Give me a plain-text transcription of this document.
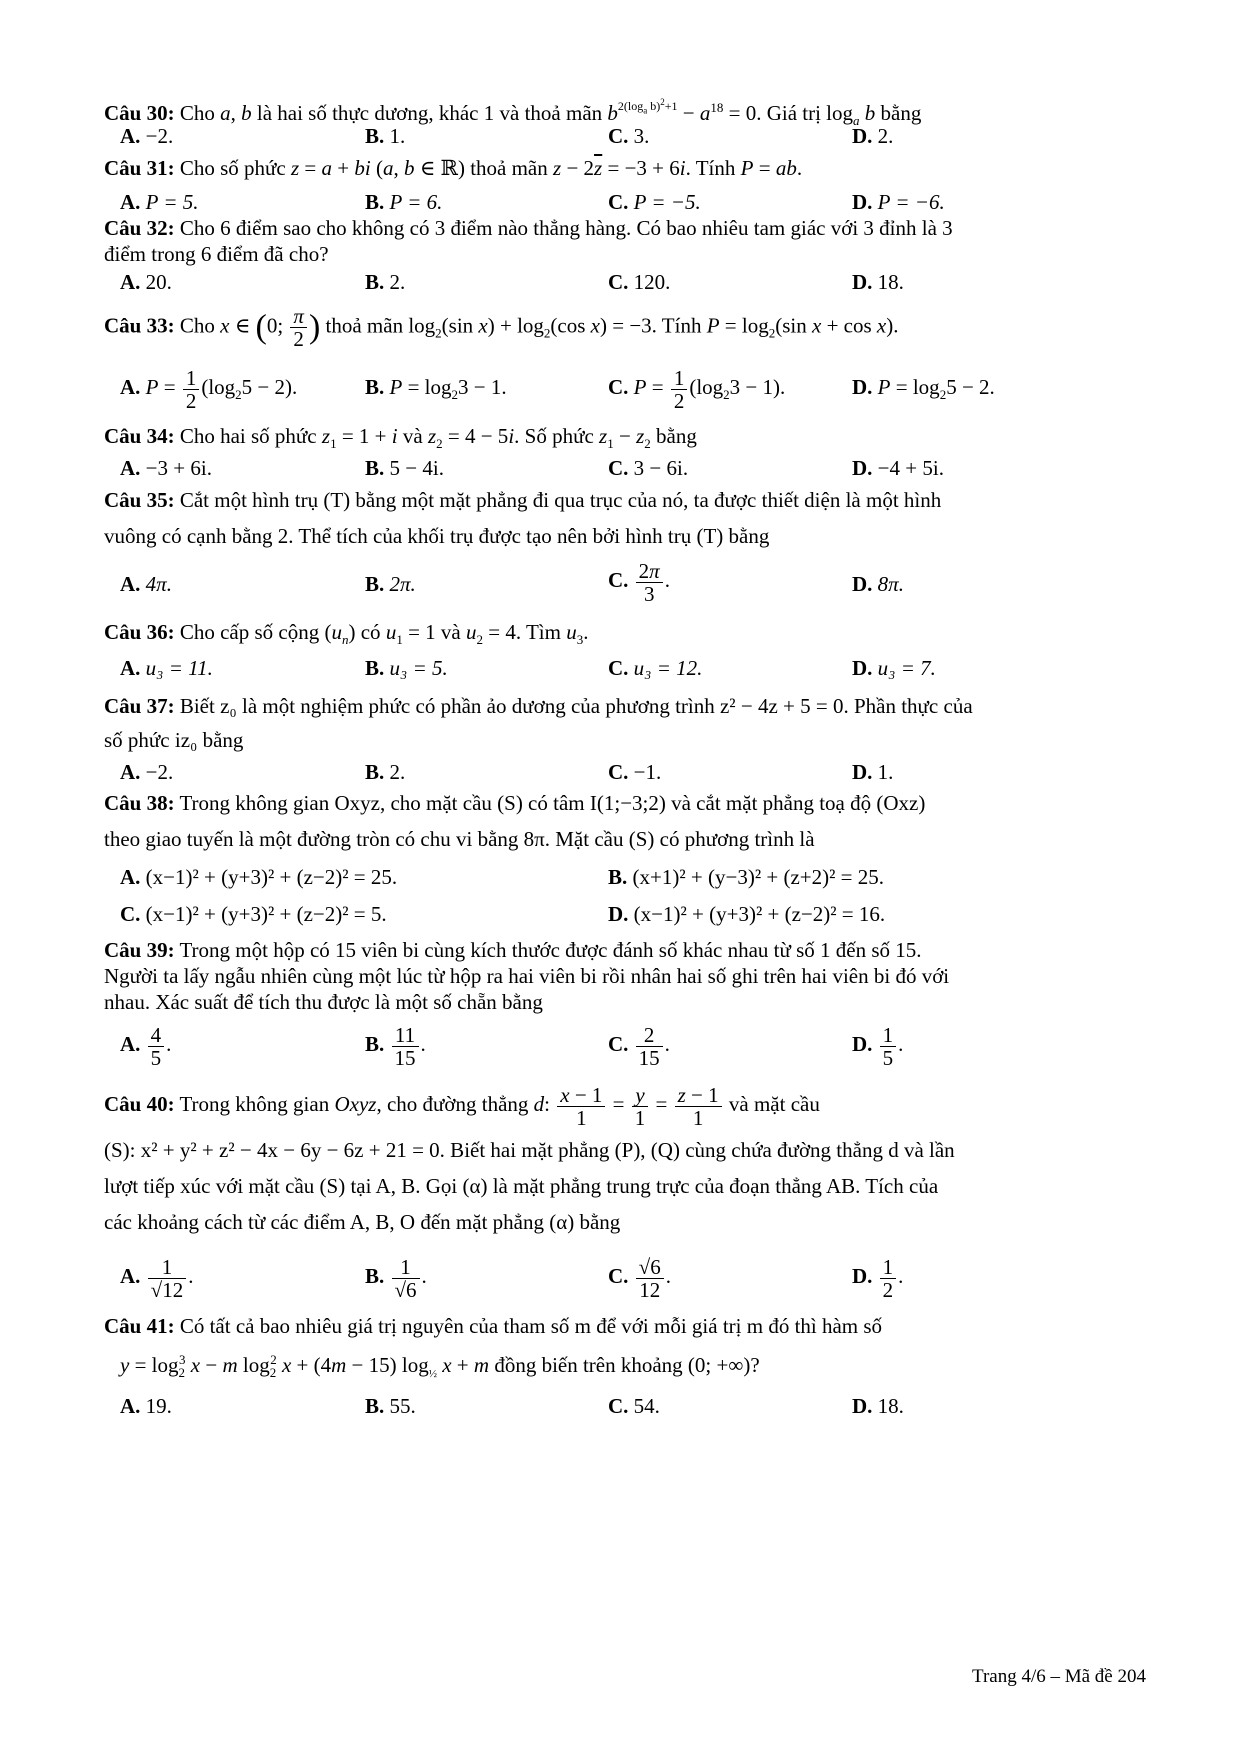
Câu 30: Cho a, b là hai số thực dương, khác 1 và thoả mãn $b^{2(log_a b)^2+1} - a^{18} = 0$. Giá trị $\log_a b$ bằng
A. −2.	B. 1.	C. 3.	D. 2.
Câu 31: Cho số phức z = a + bi (a, b ∈ ℝ) thoả mãn $z - 2\overline{z} = -3 + 6i$. Tính P = ab.
A. P = 5.	B. P = 6.	C. P = −5.	D. P = −6.
Câu 32: Cho 6 điểm sao cho không có 3 điểm nào thẳng hàng. Có bao nhiêu tam giác với 3 đỉnh là 3
điểm trong 6 điểm đã cho?
A. 20.	B. 2.	C. 120.	D. 18.
Câu 33: Cho x ∈ (0; $\frac{\pi}{2}$ ) thoả mãn $\log_2(\sin$ $x) + \log_2(\cos$ x) = −3. Tính $P = \log_2(\sin$ x + cos x).
A. $P = \frac{1}{2} (\log_25 - 2)$.	B. $P = \log_23 - 1$.	C. $P = \frac{1}{2} (\log_23 - 1)$.	D. $P = \log_25 - 2$.
Câu 34: Cho hai số phức $z_1 = 1 + i$ và $z_2 = 4 - 5i$. Số phức $z_1 - z_2$ bằng
A. −3 + 6i.	B. 5 − 4i.	C. 3 − 6i.	D. −4 + 5i.
Câu 35: Cắt một hình trụ (T) bằng một mặt phẳng đi qua trục của nó, ta được thiết diện là một hình
vuông có cạnh bằng 2. Thể tích của khối trụ được tạo nên bởi hình trụ (T) bằng
A. 4π.	B. 2π.	C. $\frac{2\pi}{3}$ .	D. 8π.
Câu 36: Cho cấp số cộng $(u_n)$ có $u_1 = 1$ và $u_2 = 4$. Tìm $u_3$.
A. u₃ = 11.	B. u₃ = 5.	C. u₃ = 12.	D. u₃ = 7.
Câu 37: Biết z₀ là một nghiệm phức có phần ảo dương của phương trình z² − 4z + 5 = 0. Phần thực của
số phức iz₀ bằng
A. −2.	B. 2.	C. −1.	D. 1.
Câu 38: Trong không gian Oxyz, cho mặt cầu (S) có tâm I(1;−3;2) và cắt mặt phẳng toạ độ (Oxz)
theo giao tuyến là một đường tròn có chu vi bằng 8π. Mặt cầu (S) có phương trình là
A. (x−1)² + (y+3)² + (z−2)² = 25.	B. (x+1)² + (y−3)² + (z+2)² = 25.
C. (x−1)² + (y+3)² + (z−2)² = 5.	D. (x−1)² + (y+3)² + (z−2)² = 16.
Câu 39: Trong một hộp có 15 viên bi cùng kích thước được đánh số khác nhau từ số 1 đến số 15.
Người ta lấy ngẫu nhiên cùng một lúc từ hộp ra hai viên bi rồi nhân hai số ghi trên hai viên bi đó với
nhau. Xác suất để tích thu được là một số chẵn bằng
A. $\frac{4}{5}$ .	B. $\frac{11}{15}$ .	C. $\frac{2}{15}$ .	D. $\frac{1}{5}$ .
Câu 40: Trong không gian Oxyz, cho đường thẳng d: $\frac{x - 1}{1} = \frac{y}{1} = \frac{z - 1}{1}$ và mặt cầu
(S): x² + y² + z² − 4x − 6y − 6z + 21 = 0. Biết hai mặt phẳng (P), (Q) cùng chứa đường thẳng d và lần
lượt tiếp xúc với mặt cầu (S) tại A, B. Gọi (α) là mặt phẳng trung trực của đoạn thẳng AB. Tích của
các khoảng cách từ các điểm A, B, O đến mặt phẳng (α) bằng
A. $\frac{1}{√12}$ .	B. $\frac{1}{√6}$ .	C. $\frac{√6}{12}$ .	D. $\frac{1}{2}$ .
Câu 41: Có tất cả bao nhiêu giá trị nguyên của tham số m để với mỗi giá trị m đó thì hàm số
$y = \log_2^3 x - m$ $\log_2^2 x + (4m - 15)$ $\log_{\frac{1}{2}} x + m$ đồng biến trên khoảng (0; +∞)?
A. 19.	B. 55.	C. 54.	D. 18.
Trang 4/6 – Mã đề 204
